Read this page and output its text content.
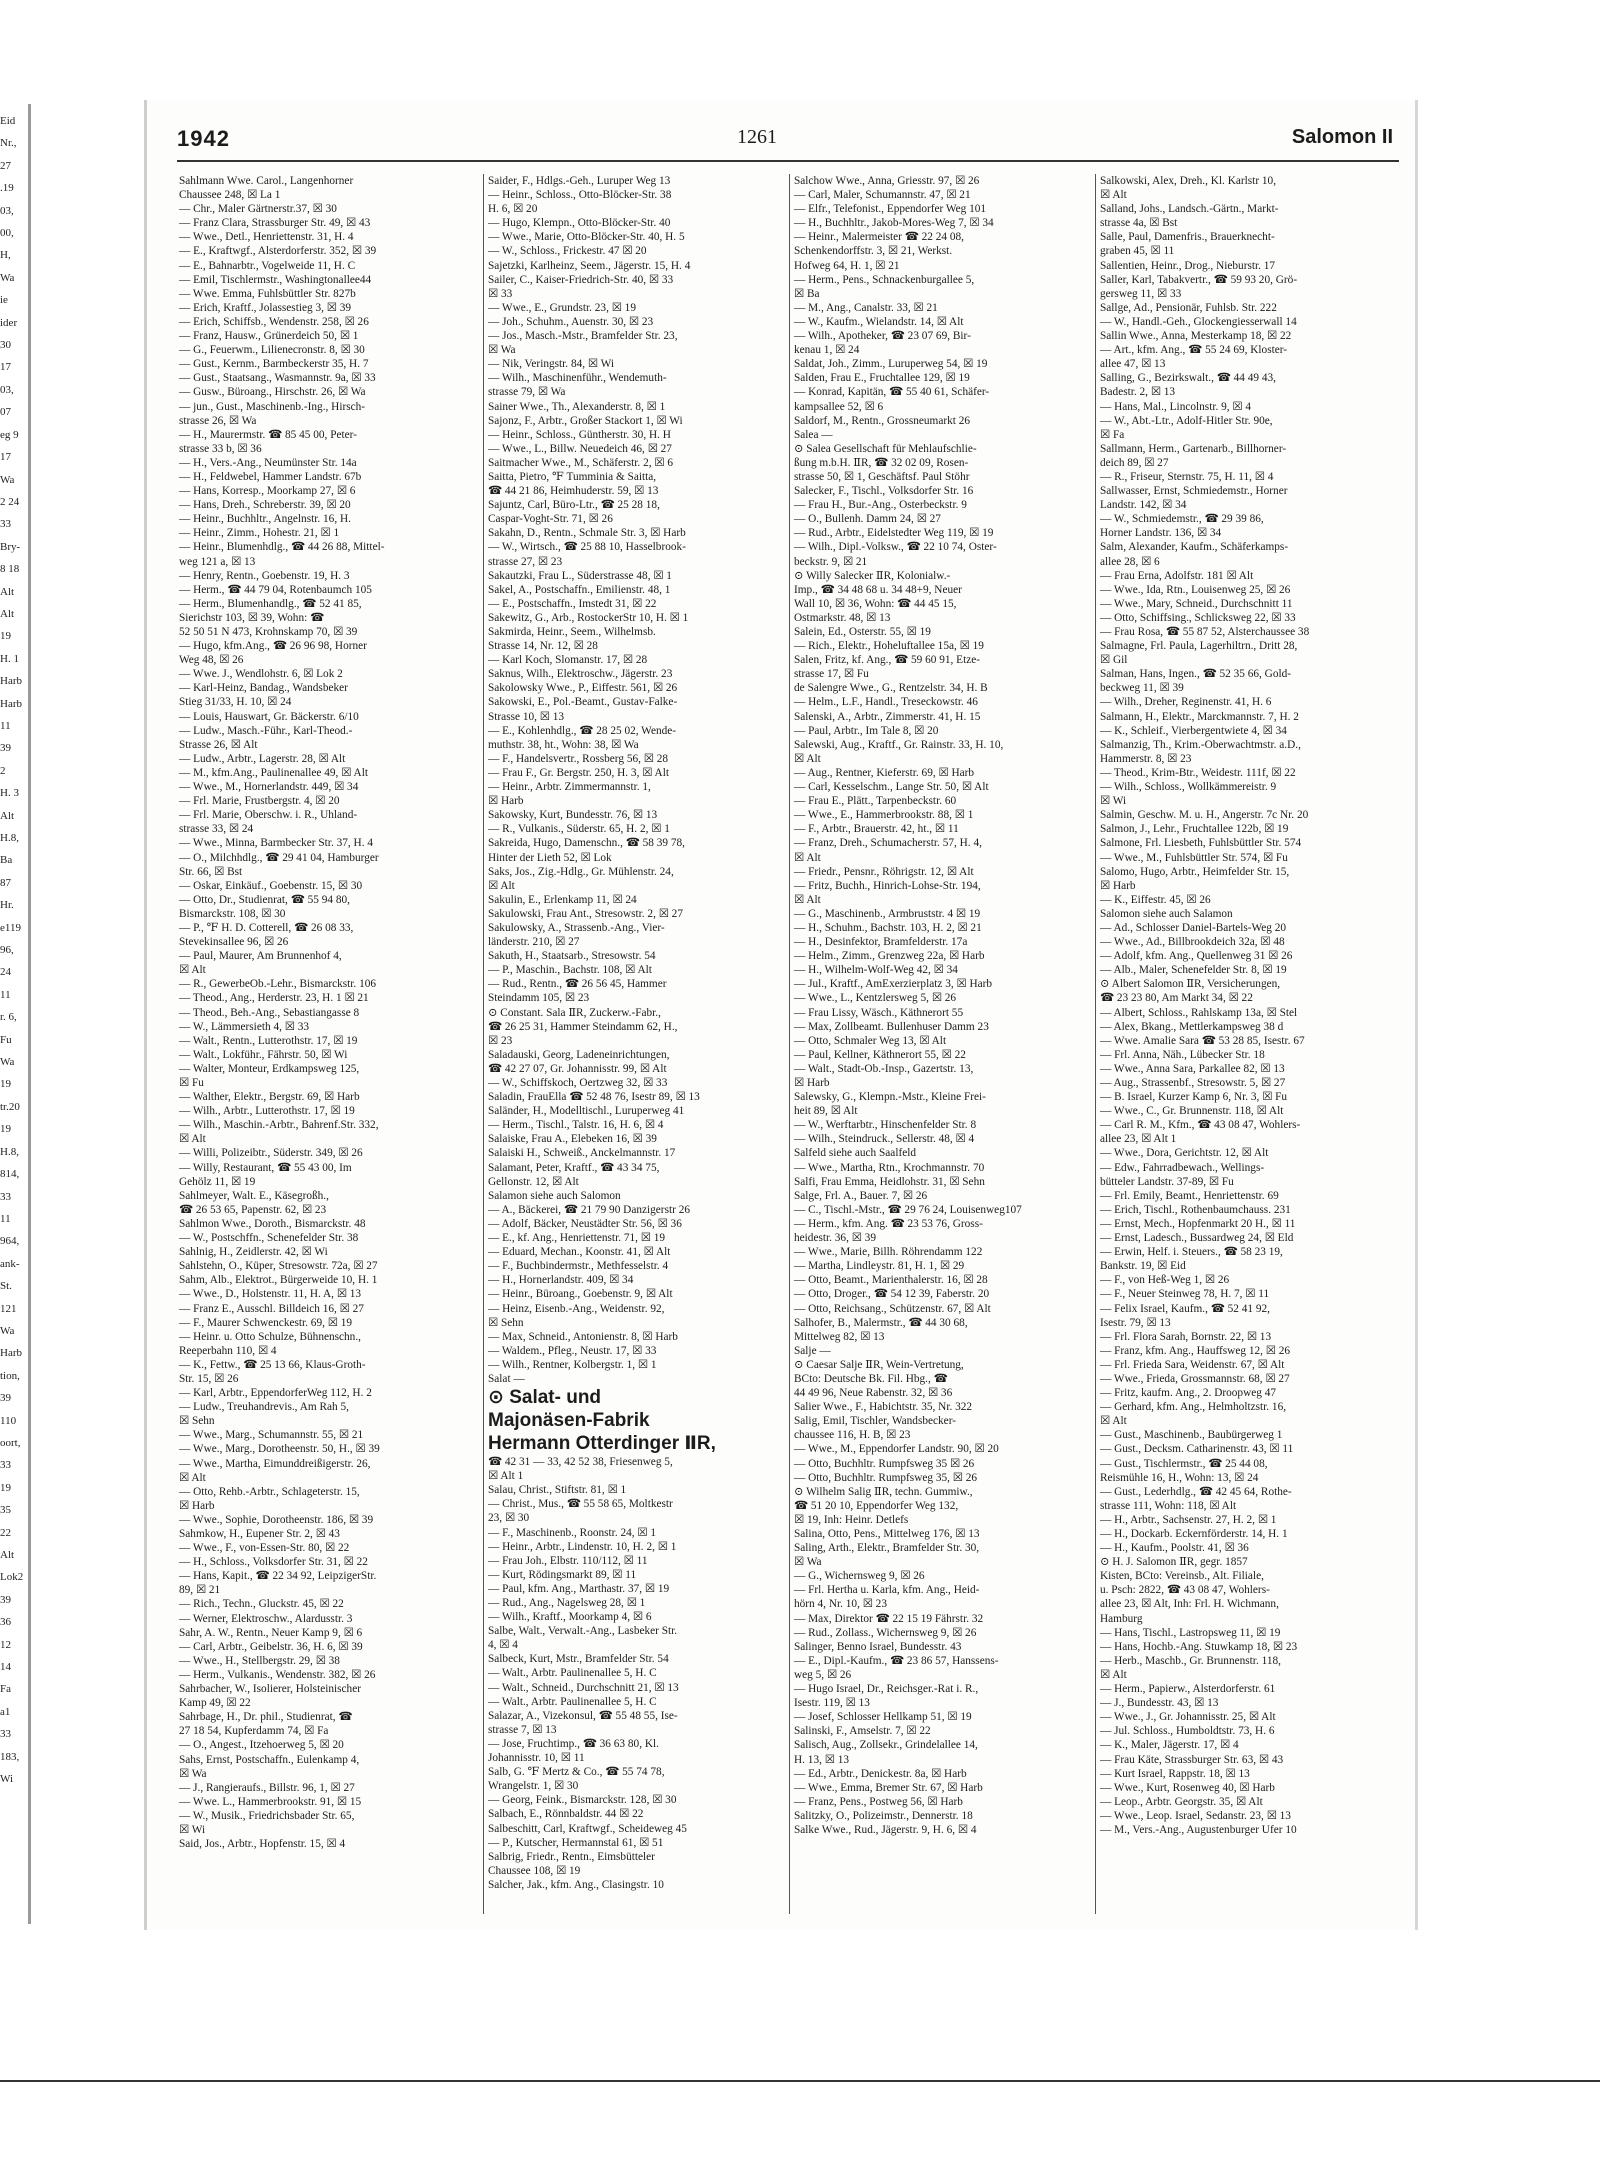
Eid
Nr.,
27
.19
03,
00,
H,
Wa
ie
ider
30
17
03,
07
eg 9
17
Wa
2 24
33
Bry-
8 18
Alt
Alt
19
H. 1
Harb
Harb
11
39
2
H. 3
Alt
H.8,
Ba
87
Hr.
e119
96,
24
11
r. 6,
Fu
Wa
19
tr.20
19
H.8,
814,
33
11
964,
ank-
St.
121
Wa
Harb
tion,
39
110
oort,
33
19
35
22
Alt
Lok2
39
36
12
14
Fa
a1
33
183,
Wi
1942	1261	Salomon II
Sahlmann Wwe. Carol., Langenhorner
Chaussee 248, ☒ La 1
— Chr., Maler Gärtnerstr.37, ☒ 30
— Franz Clara, Strassburger Str. 49, ☒ 43
— Wwe., Detl., Henriettenstr. 31, H. 4
— E., Kraftwgf., Alsterdorferstr. 352, ☒ 39
— E., Bahnarbtr., Vogelweide 11, H. C
— Emil, Tischlermstr., Washingtonallee44
— Wwe. Emma, Fuhlsbüttler Str. 827b
— Erich, Kraftf., Jolassestieg 3, ☒ 39
— Erich, Schiffsb., Wendenstr. 258, ☒ 26
— Franz, Hausw., Grünerdeich 50, ☒ 1
— G., Feuerwm., Lilienecronstr. 8, ☒ 30
— Gust., Kernm., Barmbeckerstr 35, H. 7
— Gust., Staatsang., Wasmannstr. 9a, ☒ 33
— Gusw., Büroang., Hirschstr. 26, ☒ Wa
— jun., Gust., Maschinenb.-Ing., Hirsch-
strasse 26, ☒ Wa
— H., Maurermstr. ☎ 85 45 00, Peter-
strasse 33 b, ☒ 36
— H., Vers.-Ang., Neumünster Str. 14a
— H., Feldwebel, Hammer Landstr. 67b
— Hans, Korresp., Moorkamp 27, ☒ 6
— Hans, Dreh., Schreberstr. 39, ☒ 20
— Heinr., Buchhltr., Angelnstr. 16, H.
— Heinr., Zimm., Hohestr. 21, ☒ 1
— Heinr., Blumenhdlg., ☎ 44 26 88, Mittel-
weg 121 a, ☒ 13
— Henry, Rentn., Goebenstr. 19, H. 3
— Herm., ☎ 44 79 04, Rotenbaumch 105
— Herm., Blumenhandlg., ☎ 52 41 85,
Sierichstr 103, ☒ 39, Wohn: ☎
52 50 51 N 473, Krohnskamp 70, ☒ 39
— Hugo, kfm.Ang., ☎ 26 96 98, Horner
Weg 48, ☒ 26
— Wwe. J., Wendlohstr. 6, ☒ Lok 2
— Karl-Heinz, Bandag., Wandsbeker
Stieg 31/33, H. 10, ☒ 24
— Louis, Hauswart, Gr. Bäckerstr. 6/10
— Ludw., Masch.-Führ., Karl-Theod.-
Strasse 26, ☒ Alt
— Ludw., Arbtr., Lagerstr. 28, ☒ Alt
— M., kfm.Ang., Paulinenallee 49, ☒ Alt
— Wwe., M., Hornerlandstr. 449, ☒ 34
— Frl. Marie, Frustbergstr. 4, ☒ 20
— Frl. Marie, Oberschw. i. R., Uhland-
strasse 33, ☒ 24
— Wwe., Minna, Barmbecker Str. 37, H. 4
— O., Milchhdlg., ☎ 29 41 04, Hamburger
Str. 66, ☒ Bst
— Oskar, Einkäuf., Goebenstr. 15, ☒ 30
— Otto, Dr., Studienrat, ☎ 55 94 80,
Bismarckstr. 108, ☒ 30
— P., ℉ H. D. Cotterell, ☎ 26 08 33,
Stevekinsallee 96, ☒ 26
— Paul, Maurer, Am Brunnenhof 4,
☒ Alt
— R., GewerbeOb.-Lehr., Bismarckstr. 106
— Theod., Ang., Herderstr. 23, H. 1 ☒ 21
— Theod., Beh.-Ang., Sebastiangasse 8
— W., Lämmersieth 4, ☒ 33
— Walt., Rentn., Lutterothstr. 17, ☒ 19
— Walt., Lokführ., Fährstr. 50, ☒ Wi
— Walter, Monteur, Erdkampsweg 125,
☒ Fu
— Walther, Elektr., Bergstr. 69, ☒ Harb
— Wilh., Arbtr., Lutterothstr. 17, ☒ 19
— Wilh., Maschin.-Arbtr., Bahrenf.Str. 332,
☒ Alt
— Willi, Polizeibtr., Süderstr. 349, ☒ 26
— Willy, Restaurant, ☎ 55 43 00, Im
Gehölz 11, ☒ 19
Sahlmeyer, Walt. E., Käsegroßh.,
☎ 26 53 65, Papenstr. 62, ☒ 23
Sahlmon Wwe., Doroth., Bismarckstr. 48
— W., Postschffn., Schenefelder Str. 38
Sahlnig, H., Zeidlerstr. 42, ☒ Wi
Sahlstehn, O., Küper, Stresowstr. 72a, ☒ 27
Sahm, Alb., Elektrot., Bürgerweide 10, H. 1
— Wwe., D., Holstenstr. 11, H. A, ☒ 13
— Franz E., Ausschl. Billdeich 16, ☒ 27
— F., Maurer Schwenckestr. 69, ☒ 19
— Heinr. u. Otto Schulze, Bühnenschn.,
Reeperbahn 110, ☒ 4
— K., Fettw., ☎ 25 13 66, Klaus-Groth-
Str. 15, ☒ 26
— Karl, Arbtr., EppendorferWeg 112, H. 2
— Ludw., Treuhandrevis., Am Rah 5,
☒ Sehn
— Wwe., Marg., Schumannstr. 55, ☒ 21
— Wwe., Marg., Dorotheenstr. 50, H., ☒ 39
— Wwe., Martha, Eimunddreißigerstr. 26,
☒ Alt
— Otto, Rehb.-Arbtr., Schlageterstr. 15,
☒ Harb
— Wwe., Sophie, Dorotheenstr. 186, ☒ 39
Sahmkow, H., Eupener Str. 2, ☒ 43
— Wwe., F., von-Essen-Str. 80, ☒ 22
— H., Schloss., Volksdorfer Str. 31, ☒ 22
— Hans, Kapit., ☎ 22 34 92, LeipzigerStr.
89, ☒ 21
— Rich., Techn., Gluckstr. 45, ☒ 22
— Werner, Elektroschw., Alardusstr. 3
Sahr, A. W., Rentn., Neuer Kamp 9, ☒ 6
— Carl, Arbtr., Geibelstr. 36, H. 6, ☒ 39
— Wwe., H., Stellbergstr. 29, ☒ 38
— Herm., Vulkanis., Wendenstr. 382, ☒ 26
Sahrbacher, W., Isolierer, Holsteinischer
Kamp 49, ☒ 22
Sahrbage, H., Dr. phil., Studienrat, ☎
27 18 54, Kupferdamm 74, ☒ Fa
— O., Angest., Itzehoerweg 5, ☒ 20
Sahs, Ernst, Postschaffn., Eulenkamp 4,
☒ Wa
— J., Rangieraufs., Billstr. 96, 1, ☒ 27
— Wwe. L., Hammerbrookstr. 91, ☒ 15
— W., Musik., Friedrichsbader Str. 65,
☒ Wi
Said, Jos., Arbtr., Hopfenstr. 15, ☒ 4
Saider, F., Hdlgs.-Geh., Luruper Weg 13
— Heinr., Schloss., Otto-Blöcker-Str. 38
H. 6, ☒ 20
— Hugo, Klempn., Otto-Blöcker-Str. 40
— Wwe., Marie, Otto-Blöcker-Str. 40, H. 5
— W., Schloss., Frickestr. 47 ☒ 20
Sajetzki, Karlheinz, Seem., Jägerstr. 15, H. 4
Sailer, C., Kaiser-Friedrich-Str. 40, ☒ 33
☒ 33
— Wwe., E., Grundstr. 23, ☒ 19
— Joh., Schuhm., Auenstr. 30, ☒ 23
— Jos., Masch.-Mstr., Bramfelder Str. 23,
☒ Wa
— Nik, Veringstr. 84, ☒ Wi
— Wilh., Maschinenführ., Wendemuth-
strasse 79, ☒ Wa
Sainer Wwe., Th., Alexanderstr. 8, ☒ 1
Sajonz, F., Arbtr., Großer Stackort 1, ☒ Wi
— Heinr., Schloss., Güntherstr. 30, H. H
— Wwe., L., Billw. Neuedeich 46, ☒ 27
Saitmacher Wwe., M., Schäferstr. 2, ☒ 6
Saitta, Pietro, ℉ Tumminia & Saitta,
☎ 44 21 86, Heimhuderstr. 59, ☒ 13
Sajuntz, Carl, Büro-Ltr., ☎ 25 28 18,
Caspar-Voght-Str. 71, ☒ 26
Sakahn, D., Rentn., Schmale Str. 3, ☒ Harb
— W., Wirtsch., ☎ 25 88 10, Hasselbrook-
strasse 27, ☒ 23
Sakautzki, Frau L., Süderstrasse 48, ☒ 1
Sakel, A., Postschaffn., Emilienstr. 48, 1
— E., Postschaffn., Imstedt 31, ☒ 22
Sakewitz, G., Arb., RostockerStr 10, H. ☒ 1
Sakmirda, Heinr., Seem., Wilhelmsb.
Strasse 14, Nr. 12, ☒ 28
— Karl Koch, Slomanstr. 17, ☒ 28
Saknus, Wilh., Elektroschw., Jägerstr. 23
Sakolowsky Wwe., P., Eiffestr. 561, ☒ 26
Sakowski, E., Pol.-Beamt., Gustav-Falke-
Strasse 10, ☒ 13
— E., Kohlenhdlg., ☎ 28 25 02, Wende-
muthstr. 38, ht., Wohn: 38, ☒ Wa
— F., Handelsvertr., Rossberg 56, ☒ 28
— Frau F., Gr. Bergstr. 250, H. 3, ☒ Alt
— Heinr., Arbtr. Zimmermannstr. 1,
☒ Harb
Sakowsky, Kurt, Bundesstr. 76, ☒ 13
— R., Vulkanis., Süderstr. 65, H. 2, ☒ 1
Sakreida, Hugo, Damenschn., ☎ 58 39 78,
Hinter der Lieth 52, ☒ Lok
Saks, Jos., Zig.-Hdlg., Gr. Mühlenstr. 24,
☒ Alt
Sakulin, E., Erlenkamp 11, ☒ 24
Sakulowski, Frau Ant., Stresowstr. 2, ☒ 27
Sakulowsky, A., Strassenb.-Ang., Vier-
länderstr. 210, ☒ 27
Sakuth, H., Staatsarb., Stresowstr. 54
— P., Maschin., Bachstr. 108, ☒ Alt
— Rud., Rentn., ☎ 26 56 45, Hammer
Steindamm 105, ☒ 23
⊙ Constant. Sala ⅡR, Zuckerw.-Fabr.,
☎ 26 25 31, Hammer Steindamm 62, H.,
☒ 23
Saladauski, Georg, Ladeneinrichtungen,
☎ 42 27 07, Gr. Johannisstr. 99, ☒ Alt
— W., Schiffskoch, Oertzweg 32, ☒ 33
Saladin, FrauElla ☎ 52 48 76, Isestr 89, ☒ 13
Saländer, H., Modelltischl., Luruperweg 41
— Herm., Tischl., Talstr. 16, H. 6, ☒ 4
Salaiske, Frau A., Elebeken 16, ☒ 39
Salaiski H., Schweiß., Anckelmannstr. 17
Salamant, Peter, Kraftf., ☎ 43 34 75,
Gellonstr. 12, ☒ Alt
Salamon siehe auch Salomon
— A., Bäckerei, ☎ 21 79 90 Danzigerstr 26
— Adolf, Bäcker, Neustädter Str. 56, ☒ 36
— E., kf. Ang., Henriettenstr. 71, ☒ 19
— Eduard, Mechan., Koonstr. 41, ☒ Alt
— F., Buchbindermstr., Methfesselstr. 4
— H., Hornerlandstr. 409, ☒ 34
— Heinr., Büroang., Goebenstr. 9, ☒ Alt
— Heinz, Eisenb.-Ang., Weidenstr. 92,
☒ Sehn
— Max, Schneid., Antonienstr. 8, ☒ Harb
— Waldem., Pfleg., Neustr. 17, ☒ 33
— Wilh., Rentner, Kolbergstr. 1, ☒ 1
Salat —
⊙ Salat- und
Majonäsen-Fabrik
Hermann Otterdinger ⅡR,
☎ 42 31 — 33, 42 52 38, Friesenweg 5,
☒ Alt 1
Salau, Christ., Stiftstr. 81, ☒ 1
— Christ., Mus., ☎ 55 58 65, Moltkestr
23, ☒ 30
— F., Maschinenb., Roonstr. 24, ☒ 1
— Heinr., Arbtr., Lindenstr. 10, H. 2, ☒ 1
— Frau Joh., Elbstr. 110/112, ☒ 11
— Kurt, Rödingsmarkt 89, ☒ 11
— Paul, kfm. Ang., Marthastr. 37, ☒ 19
— Rud., Ang., Nagelsweg 28, ☒ 1
— Wilh., Kraftf., Moorkamp 4, ☒ 6
Salbe, Walt., Verwalt.-Ang., Lasbeker Str.
4, ☒ 4
Salbeck, Kurt, Mstr., Bramfelder Str. 54
— Walt., Arbtr. Paulinenallee 5, H. C
— Walt., Schneid., Durchschnitt 21, ☒ 13
— Walt., Arbtr. Paulinenallee 5, H. C
Salazar, A., Vizekonsul, ☎ 55 48 55, Ise-
strasse 7, ☒ 13
— Jose, Fruchtimp., ☎ 36 63 80, Kl.
Johannisstr. 10, ☒ 11
Salb, G. ℉ Mertz & Co., ☎ 55 74 78,
Wrangelstr. 1, ☒ 30
— Georg, Feink., Bismarckstr. 128, ☒ 30
Salbach, E., Rönnbaldstr. 44 ☒ 22
Salbeschitt, Carl, Kraftwgf., Scheideweg 45
— P., Kutscher, Hermannstal 61, ☒ 51
Salbrig, Friedr., Rentn., Eimsbütteler
Chaussee 108, ☒ 19
Salcher, Jak., kfm. Ang., Clasingstr. 10
Salchow Wwe., Anna, Griesstr. 97, ☒ 26
— Carl, Maler, Schumannstr. 47, ☒ 21
— Elfr., Telefonist., Eppendorfer Weg 101
— H., Buchhltr., Jakob-Mores-Weg 7, ☒ 34
— Heinr., Malermeister ☎ 22 24 08,
Schenkendorffstr. 3, ☒ 21, Werkst.
Hofweg 64, H. 1, ☒ 21
— Herm., Pens., Schnackenburgallee 5,
☒ Ba
— M., Ang., Canalstr. 33, ☒ 21
— W., Kaufm., Wielandstr. 14, ☒ Alt
— Wilh., Apotheker, ☎ 23 07 69, Bir-
kenau 1, ☒ 24
Saldat, Joh., Zimm., Luruperweg 54, ☒ 19
Salden, Frau E., Fruchtallee 129, ☒ 19
— Konrad, Kapitän, ☎ 55 40 61, Schäfer-
kampsallee 52, ☒ 6
Saldorf, M., Rentn., Grossneumarkt 26
Salea —
⊙ Salea Gesellschaft für Mehlaufschlie-
ßung m.b.H. ⅡR, ☎ 32 02 09, Rosen-
strasse 50, ☒ 1, Geschäftsf. Paul Stöhr
Salecker, F., Tischl., Volksdorfer Str. 16
— Frau H., Bur.-Ang., Osterbeckstr. 9
— O., Bullenh. Damm 24, ☒ 27
— Rud., Arbtr., Eidelstedter Weg 119, ☒ 19
— Wilh., Dipl.-Volksw., ☎ 22 10 74, Oster-
beckstr. 9, ☒ 21
⊙ Willy Salecker ⅡR, Kolonialw.-
Imp., ☎ 34 48 68 u. 34 48+9, Neuer
Wall 10, ☒ 36, Wohn: ☎ 44 45 15,
Ostmarkstr. 48, ☒ 13
Salein, Ed., Osterstr. 55, ☒ 19
— Rich., Elektr., Hoheluftallee 15a, ☒ 19
Salen, Fritz, kf. Ang., ☎ 59 60 91, Etze-
strasse 17, ☒ Fu
de Salengre Wwe., G., Rentzelstr. 34, H. B
— Helm., L.F., Handl., Treseckowstr. 46
Salenski, A., Arbtr., Zimmerstr. 41, H. 15
— Paul, Arbtr., Im Tale 8, ☒ 20
Salewski, Aug., Kraftf., Gr. Rainstr. 33, H. 10,
☒ Alt
— Aug., Rentner, Kieferstr. 69, ☒ Harb
— Carl, Kesselschm., Lange Str. 50, ☒ Alt
— Frau E., Plätt., Tarpenbeckstr. 60
— Wwe., E., Hammerbrookstr. 88, ☒ 1
— F., Arbtr., Brauerstr. 42, ht., ☒ 11
— Franz, Dreh., Schumacherstr. 57, H. 4,
☒ Alt
— Friedr., Pensnr., Röhrigstr. 12, ☒ Alt
— Fritz, Buchh., Hinrich-Lohse-Str. 194,
☒ Alt
— G., Maschinenb., Armbruststr. 4 ☒ 19
— H., Schuhm., Bachstr. 103, H. 2, ☒ 21
— H., Desinfektor, Bramfelderstr. 17a
— Helm., Zimm., Grenzweg 22a, ☒ Harb
— H., Wilhelm-Wolf-Weg 42, ☒ 34
— Jul., Kraftf., AmExerzierplatz 3, ☒ Harb
— Wwe., L., Kentzlersweg 5, ☒ 26
— Frau Lissy, Wäsch., Käthnerort 55
— Max, Zollbeamt. Bullenhuser Damm 23
— Otto, Schmaler Weg 13, ☒ Alt
— Paul, Kellner, Käthnerort 55, ☒ 22
— Walt., Stadt-Ob.-Insp., Gazertstr. 13,
☒ Harb
Salewsky, G., Klempn.-Mstr., Kleine Frei-
heit 89, ☒ Alt
— W., Werftarbtr., Hinschenfelder Str. 8
— Wilh., Steindruck., Sellerstr. 48, ☒ 4
Salfeld siehe auch Saalfeld
— Wwe., Martha, Rtn., Krochmannstr. 70
Salfi, Frau Emma, Heidlohstr. 31, ☒ Sehn
Salge, Frl. A., Bauer. 7, ☒ 26
— C., Tischl.-Mstr., ☎ 29 76 24, Louisenweg107
— Herm., kfm. Ang. ☎ 23 53 76, Gross-
heidestr. 36, ☒ 39
— Wwe., Marie, Billh. Röhrendamm 122
— Martha, Lindleystr. 81, H. 1, ☒ 29
— Otto, Beamt., Marienthalerstr. 16, ☒ 28
— Otto, Droger., ☎ 54 12 39, Faberstr. 20
— Otto, Reichsang., Schützenstr. 67, ☒ Alt
Salhofer, B., Malermstr., ☎ 44 30 68,
Mittelweg 82, ☒ 13
Salje —
⊙ Caesar Salje ⅡR, Wein-Vertretung,
BCto: Deutsche Bk. Fil. Hbg., ☎
44 49 96, Neue Rabenstr. 32, ☒ 36
Salier Wwe., F., Habichtstr. 35, Nr. 322
Salig, Emil, Tischler, Wandsbecker-
chaussee 116, H. B, ☒ 23
— Wwe., M., Eppendorfer Landstr. 90, ☒ 20
— Otto, Buchhltr. Rumpfsweg 35 ☒ 26
— Otto, Buchhltr. Rumpfsweg 35, ☒ 26
⊙ Wilhelm Salig ⅡR, techn. Gummiw.,
☎ 51 20 10, Eppendorfer Weg 132,
☒ 19, Inh: Heinr. Detlefs
Salina, Otto, Pens., Mittelweg 176, ☒ 13
Saling, Arth., Elektr., Bramfelder Str. 30,
☒ Wa
— G., Wichernsweg 9, ☒ 26
— Frl. Hertha u. Karla, kfm. Ang., Heid-
hörn 4, Nr. 10, ☒ 23
— Max, Direktor ☎ 22 15 19 Fährstr. 32
— Rud., Zollass., Wichernsweg 9, ☒ 26
Salinger, Benno Israel, Bundesstr. 43
— E., Dipl.-Kaufm., ☎ 23 86 57, Hanssens-
weg 5, ☒ 26
— Hugo Israel, Dr., Reichsger.-Rat i. R.,
Isestr. 119, ☒ 13
— Josef, Schlosser Hellkamp 51, ☒ 19
Salinski, F., Amselstr. 7, ☒ 22
Salisch, Aug., Zollsekr., Grindelallee 14,
H. 13, ☒ 13
— Ed., Arbtr., Denickestr. 8a, ☒ Harb
— Wwe., Emma, Bremer Str. 67, ☒ Harb
— Franz, Pens., Postweg 56, ☒ Harb
Salitzky, O., Polizeimstr., Dennerstr. 18
Salke Wwe., Rud., Jägerstr. 9, H. 6, ☒ 4
Salkowski, Alex, Dreh., Kl. Karlstr 10,
☒ Alt
Salland, Johs., Landsch.-Gärtn., Markt-
strasse 4a, ☒ Bst
Salle, Paul, Damenfris., Brauerknecht-
graben 45, ☒ 11
Sallentien, Heinr., Drog., Nieburstr. 17
Saller, Karl, Tabakvertr., ☎ 59 93 20, Grö-
gersweg 11, ☒ 33
Sallge, Ad., Pensionär, Fuhlsb. Str. 222
— W., Handl.-Geh., Glockengiesserwall 14
Sallin Wwe., Anna, Mesterkamp 18, ☒ 22
— Art., kfm. Ang., ☎ 55 24 69, Kloster-
allee 47, ☒ 13
Salling, G., Bezirkswalt., ☎ 44 49 43,
Badestr. 2, ☒ 13
— Hans, Mal., Lincolnstr. 9, ☒ 4
— W., Abt.-Ltr., Adolf-Hitler Str. 90e,
☒ Fa
Sallmann, Herm., Gartenarb., Billhorner-
deich 89, ☒ 27
— R., Friseur, Sternstr. 75, H. 11, ☒ 4
Sallwasser, Ernst, Schmiedemstr., Horner
Landstr. 142, ☒ 34
— W., Schmiedemstr., ☎ 29 39 86,
Horner Landstr. 136, ☒ 34
Salm, Alexander, Kaufm., Schäferkamps-
allee 28, ☒ 6
— Frau Erna, Adolfstr. 181 ☒ Alt
— Wwe., Ida, Rtn., Louisenweg 25, ☒ 26
— Wwe., Mary, Schneid., Durchschnitt 11
— Otto, Schiffsing., Schlicksweg 22, ☒ 33
— Frau Rosa, ☎ 55 87 52, Alsterchaussee 38
Salmagne, Frl. Paula, Lagerhiltrn., Dritt 28,
☒ Gil
Salman, Hans, Ingen., ☎ 52 35 66, Gold-
beckweg 11, ☒ 39
— Wilh., Dreher, Reginenstr. 41, H. 6
Salmann, H., Elektr., Marckmannstr. 7, H. 2
— K., Schleif., Vierbergentwiete 4, ☒ 34
Salmanzig, Th., Krim.-Oberwachtmstr. a.D.,
Hammerstr. 8, ☒ 23
— Theod., Krim-Btr., Weidestr. 111f, ☒ 22
— Wilh., Schloss., Wollkämmereistr. 9
☒ Wi
Salmin, Geschw. M. u. H., Angerstr. 7c Nr. 20
Salmon, J., Lehr., Fruchtallee 122b, ☒ 19
Salmone, Frl. Liesbeth, Fuhlsbüttler Str. 574
— Wwe., M., Fuhlsbüttler Str. 574, ☒ Fu
Salomo, Hugo, Arbtr., Heimfelder Str. 15,
☒ Harb
— K., Eiffestr. 45, ☒ 26
Salomon siehe auch Salamon
— Ad., Schlosser Daniel-Bartels-Weg 20
— Wwe., Ad., Billbrookdeich 32a, ☒ 48
— Adolf, kfm. Ang., Quellenweg 31 ☒ 26
— Alb., Maler, Schenefelder Str. 8, ☒ 19
⊙ Albert Salomon ⅡR, Versicherungen,
☎ 23 23 80, Am Markt 34, ☒ 22
— Albert, Schloss., Rahlskamp 13a, ☒ Stel
— Alex, Bkang., Mettlerkampsweg 38 d
— Wwe. Amalie Sara ☎ 53 28 85, Isestr. 67
— Frl. Anna, Näh., Lübecker Str. 18
— Wwe., Anna Sara, Parkallee 82, ☒ 13
— Aug., Strassenbf., Stresowstr. 5, ☒ 27
— B. Israel, Kurzer Kamp 6, Nr. 3, ☒ Fu
— Wwe., C., Gr. Brunnenstr. 118, ☒ Alt
— Carl R. M., Kfm., ☎ 43 08 47, Wohlers-
allee 23, ☒ Alt 1
— Wwe., Dora, Gerichtstr. 12, ☒ Alt
— Edw., Fahrradbewach., Wellings-
bütteler Landstr. 37-89, ☒ Fu
— Frl. Emily, Beamt., Henriettenstr. 69
— Erich, Tischl., Rothenbaumchauss. 231
— Ernst, Mech., Hopfenmarkt 20 H., ☒ 11
— Ernst, Ladesch., Bussardweg 24, ☒ Eld
— Erwin, Helf. i. Steuers., ☎ 58 23 19,
Bankstr. 19, ☒ Eid
— F., von Heß-Weg 1, ☒ 26
— F., Neuer Steinweg 78, H. 7, ☒ 11
— Felix Israel, Kaufm., ☎ 52 41 92,
Isestr. 79, ☒ 13
— Frl. Flora Sarah, Bornstr. 22, ☒ 13
— Franz, kfm. Ang., Hauffsweg 12, ☒ 26
— Frl. Frieda Sara, Weidenstr. 67, ☒ Alt
— Wwe., Frieda, Grossmannstr. 68, ☒ 27
— Fritz, kaufm. Ang., 2. Droopweg 47
— Gerhard, kfm. Ang., Helmholtzstr. 16,
☒ Alt
— Gust., Maschinenb., Baubürgerweg 1
— Gust., Decksm. Catharinenstr. 43, ☒ 11
— Gust., Tischlermstr., ☎ 25 44 08,
Reismühle 16, H., Wohn: 13, ☒ 24
— Gust., Lederhdlg., ☎ 42 45 64, Rothe-
strasse 111, Wohn: 118, ☒ Alt
— H., Arbtr., Sachsenstr. 27, H. 2, ☒ 1
— H., Dockarb. Eckernförderstr. 14, H. 1
— H., Kaufm., Poolstr. 41, ☒ 36
⊙ H. J. Salomon ⅡR, gegr. 1857
Kisten, BCto: Vereinsb., Alt. Filiale,
u. Psch: 2822, ☎ 43 08 47, Wohlers-
allee 23, ☒ Alt, Inh: Frl. H. Wichmann,
Hamburg
— Hans, Tischl., Lastropsweg 11, ☒ 19
— Hans, Hochb.-Ang. Stuwkamp 18, ☒ 23
— Herb., Maschb., Gr. Brunnenstr. 118,
☒ Alt
— Herm., Papierw., Alsterdorferstr. 61
— J., Bundesstr. 43, ☒ 13
— Wwe., J., Gr. Johannisstr. 25, ☒ Alt
— Jul. Schloss., Humboldtstr. 73, H. 6
— K., Maler, Jägerstr. 17, ☒ 4
— Frau Käte, Strassburger Str. 63, ☒ 43
— Kurt Israel, Rappstr. 18, ☒ 13
— Wwe., Kurt, Rosenweg 40, ☒ Harb
— Leop., Arbtr. Georgstr. 35, ☒ Alt
— Wwe., Leop. Israel, Sedanstr. 23, ☒ 13
— M., Vers.-Ang., Augustenburger Ufer 10
